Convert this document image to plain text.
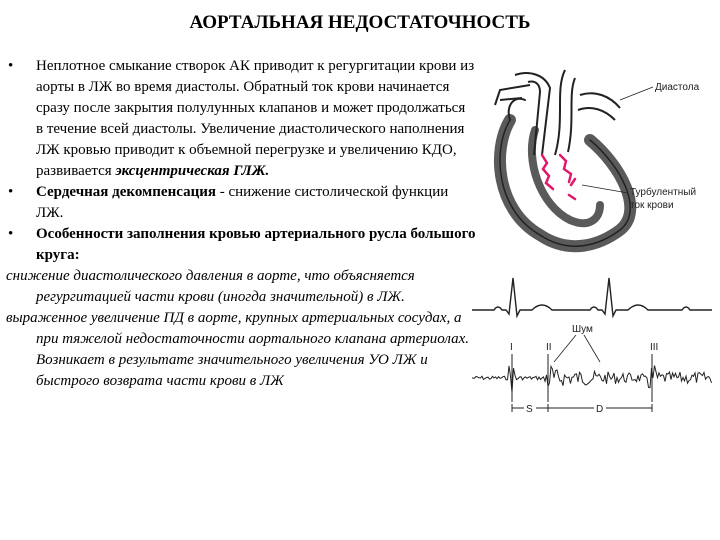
АОРТАЛЬНАЯ НЕДОСТАТОЧНОСТЬ
• Неплотное смыкание створок АК приводит к регургитации крови из аорты в ЛЖ во время диастолы. Обратный ток крови начинается сразу после закрытия полулунных клапанов и может продолжаться в течение всей диастолы. Увеличение диастолического наполнения ЛЖ кровью приводит к объемной перегрузке и увеличению КДО, развивается эксцентрическая ГЛЖ.
• Сердечная декомпенсация - снижение систолической функции ЛЖ.
• Особенности заполнения кровью артериального русла большого круга:
снижение диастолического давления в аорте, что объясняется регургитацией части крови (иногда значительной) в ЛЖ.
выраженное увеличение ПД в аорте, крупных артериальных сосудах, а при тяжелой недостаточности аортального клапана артериолах. Возникает в результате значительного увеличения УО ЛЖ и быстрого возврата части крови в ЛЖ
Диастола
Турбулентный
ток крови
Шум
I	II	III
S	D
